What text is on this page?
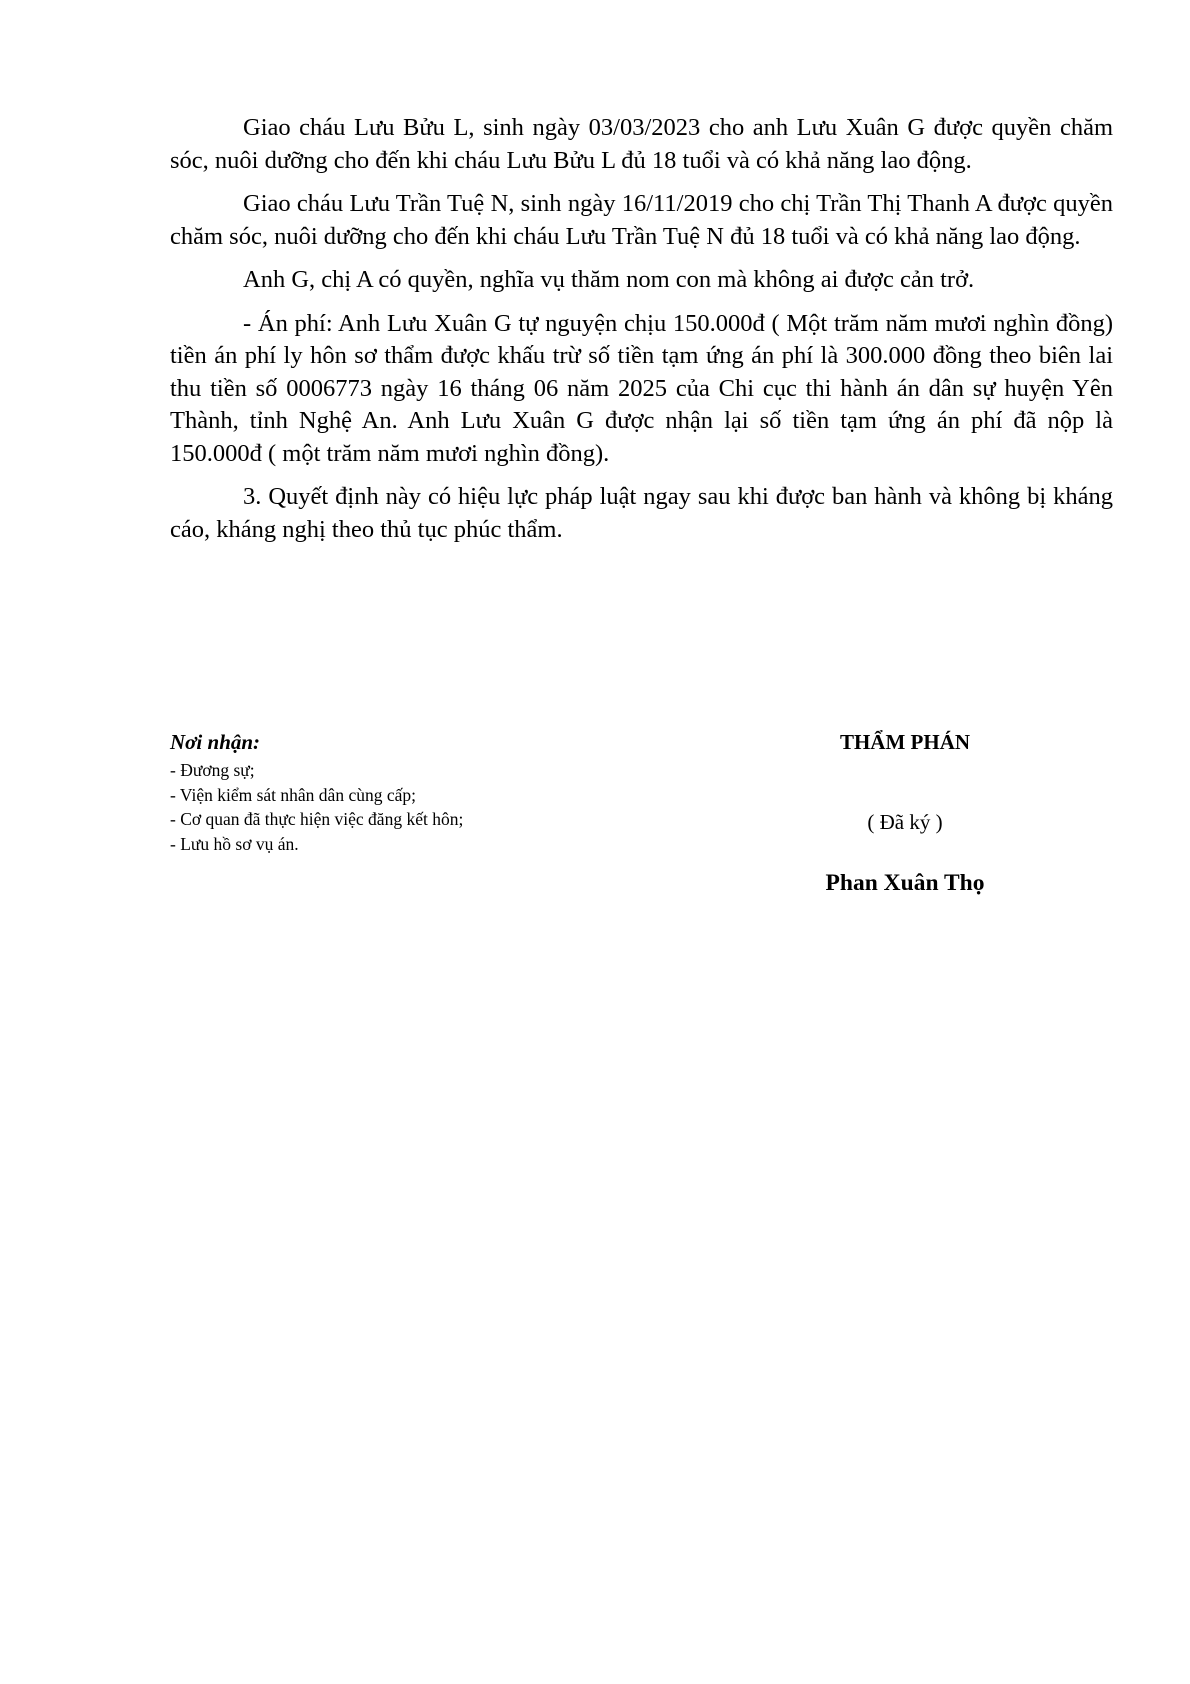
Giao cháu Lưu Bửu L, sinh ngày 03/03/2023 cho anh Lưu Xuân G được quyền chăm sóc, nuôi dưỡng cho đến khi cháu Lưu Bửu L đủ 18 tuổi và có khả năng lao động.

Giao cháu Lưu Trần Tuệ N, sinh ngày 16/11/2019 cho chị Trần Thị Thanh A được quyền chăm sóc, nuôi dưỡng cho đến khi cháu Lưu Trần Tuệ N đủ 18 tuổi và có khả năng lao động.

Anh G, chị A có quyền, nghĩa vụ thăm nom con mà không ai được cản trở.

- Án phí: Anh Lưu Xuân G tự nguyện chịu 150.000đ ( Một trăm năm mươi nghìn đồng) tiền án phí ly hôn sơ thẩm được khấu trừ số tiền tạm ứng án phí là 300.000 đồng theo biên lai thu tiền số 0006773 ngày 16 tháng 06 năm 2025 của Chi cục thi hành án dân sự huyện Yên Thành, tỉnh Nghệ An. Anh Lưu Xuân G được nhận lại số tiền tạm ứng án phí đã nộp là 150.000đ ( một trăm năm mươi nghìn đồng).

3. Quyết định này có hiệu lực pháp luật ngay sau khi được ban hành và không bị kháng cáo, kháng nghị theo thủ tục phúc thẩm.

Nơi nhận:
- Đương sự;
- Viện kiểm sát nhân dân cùng cấp;
- Cơ quan đã thực hiện việc đăng kết hôn;
- Lưu hồ sơ vụ án.
THẨM PHÁN
( Đã ký )
Phan Xuân Thọ
